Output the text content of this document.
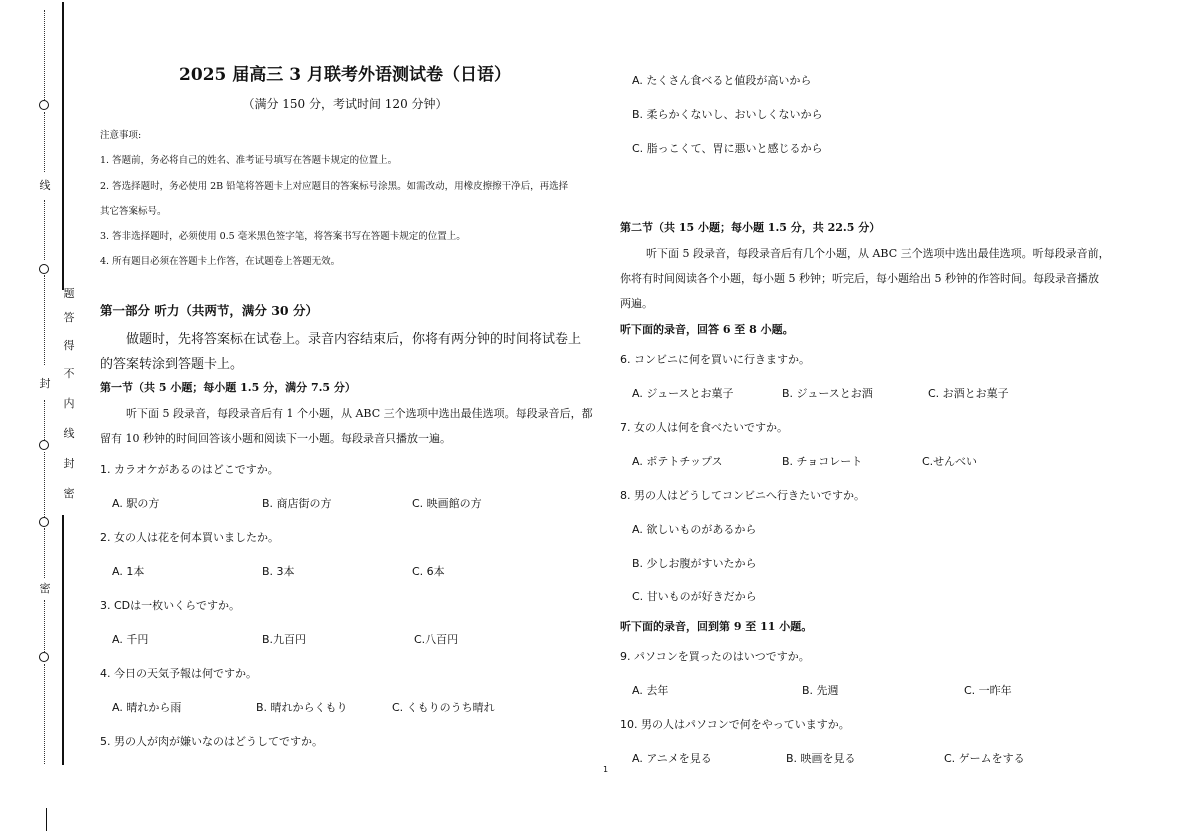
线
封
密
题
答
得
不
内
线
封
密
2025 届高三 3 月联考外语测试卷（日语）
（满分 150 分，考试时间 120 分钟）
注意事项:
1. 答题前，务必将自己的姓名、准考证号填写在答题卡规定的位置上。
2. 答选择题时，务必使用 2B 铅笔将答题卡上对应题目的答案标号涂黑。如需改动，用橡皮擦擦干净后，再选择
其它答案标号。
3. 答非选择题时，必须使用 0.5 毫米黑色签字笔，将答案书写在答题卡规定的位置上。
4. 所有题目必须在答题卡上作答，在试题卷上答题无效。
第一部分 听力（共两节，满分 30 分）
做题时，先将答案标在试卷上。录音内容结束后，你将有两分钟的时间将试卷上
的答案转涂到答题卡上。
第一节（共 5 小题；每小题 1.5 分，满分 7.5 分）
听下面 5 段录音，每段录音后有 1 个小题，从 ABC 三个选项中选出最佳选项。每段录音后，都
留有 10 秒钟的时间回答该小题和阅读下一小题。每段录音只播放一遍。
1. カラオケがあるのはどこですか。
A. 駅の方	B. 商店街の方	C. 映画館の方
2. 女の人は花を何本買いましたか。
A. 1本	B. 3本	C. 6本
3. CDは一枚いくらですか。
A. 千円	B.九百円	C.八百円
4. 今日の天気予報は何ですか。
A. 晴れから雨	B. 晴れからくもり	C. くもりのうち晴れ
5. 男の人が肉が嫌いなのはどうしてですか。
A. たくさん食べると値段が高いから
B. 柔らかくないし、おいしくないから
C. 脂っこくて、胃に悪いと感じるから
第二节（共 15 小题；每小题 1.5 分，共 22.5 分）
听下面 5 段录音，每段录音后有几个小题，从 ABC 三个选项中选出最佳选项。听每段录音前，
你将有时间阅读各个小题，每小题 5 秒钟；听完后，每小题给出 5 秒钟的作答时间。每段录音播放
两遍。
听下面的录音，回答 6 至 8 小题。
6. コンビニに何を買いに行きますか。
A. ジュースとお菓子	B. ジュースとお酒	C. お酒とお菓子
7. 女の人は何を食べたいですか。
A. ポテトチップス	B. チョコレート	C.せんべい
8. 男の人はどうしてコンビニへ行きたいですか。
A. 欲しいものがあるから
B. 少しお腹がすいたから
C. 甘いものが好きだから
听下面的录音，回到第 9 至 11 小题。
9. パソコンを買ったのはいつですか。
A. 去年	B. 先週	C. 一昨年
10. 男の人はパソコンで何をやっていますか。
A. アニメを見る	B. 映画を見る	C. ゲームをする
1
